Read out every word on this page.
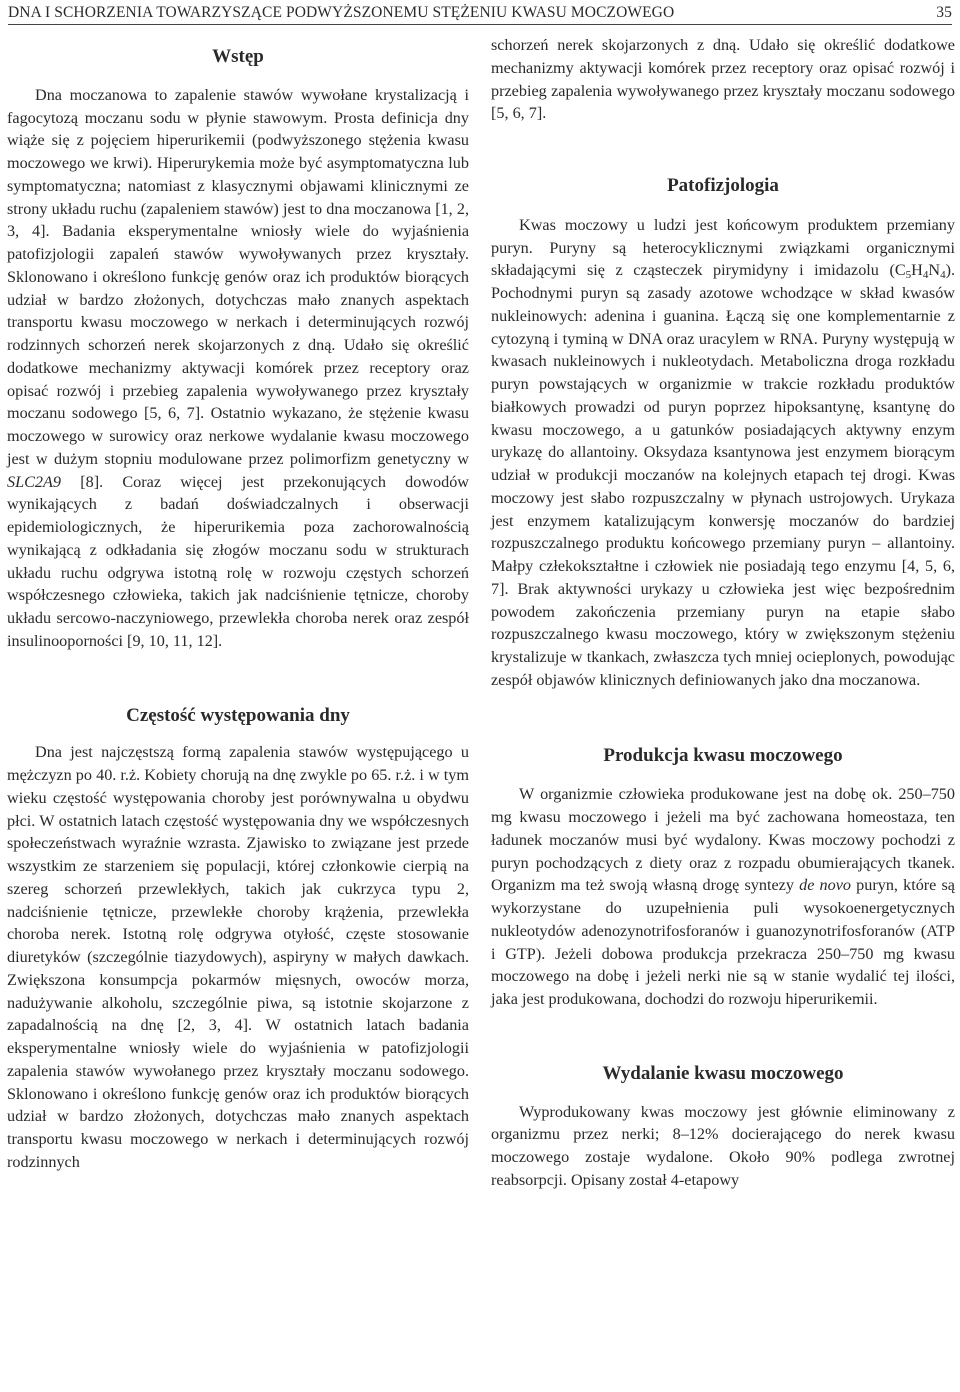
DNA I SCHORZENIA TOWARZYSZĄCE PODWYŻSZONEMU STĘŻENIU KWASU MOCZOWEGO	35
Wstęp

Dna moczanowa to zapalenie stawów wywołane krystalizacją i fagocytozą moczanu sodu w płynie stawowym. Prosta definicja dny wiąże się z pojęciem hiperurikemii (podwyższonego stężenia kwasu moczowego we krwi). Hiperurykemia może być asymptomatyczna lub symptomatyczna; natomiast z klasycznymi objawami klinicznymi ze strony układu ruchu (zapaleniem stawów) jest to dna moczanowa [1, 2, 3, 4]. Badania eksperymentalne wniosły wiele do wyjaśnienia patofizjologii zapaleń stawów wywoływanych przez kryształy. Sklonowano i określono funkcję genów oraz ich produktów biorących udział w bardzo złożonych, dotychczas mało znanych aspektach transportu kwasu moczowego w nerkach i determinujących rozwój rodzinnych schorzeń nerek skojarzonych z dną. Udało się określić dodatkowe mechanizmy aktywacji komórek przez receptory oraz opisać rozwój i przebieg zapalenia wywoływanego przez kryształy moczanu sodowego [5, 6, 7]. Ostatnio wykazano, że stężenie kwasu moczowego w surowicy oraz nerkowe wydalanie kwasu moczowego jest w dużym stopniu modulowane przez polimorfizm genetyczny w SLC2A9 [8]. Coraz więcej jest przekonujących dowodów wynikających z badań doświadczalnych i obserwacji epidemiologicznych, że hiperurikemia poza zachorowalnością wynikającą z odkładania się złogów moczanu sodu w strukturach układu ruchu odgrywa istotną rolę w rozwoju częstych schorzeń współczesnego człowieka, takich jak nadciśnienie tętnicze, choroby układu sercowo-naczyniowego, przewlekła choroba nerek oraz zespół insulinooporności [9, 10, 11, 12].

Częstość występowania dny

Dna jest najczęstszą formą zapalenia stawów występującego u mężczyzn po 40. r.ż. Kobiety chorują na dnę zwykle po 65. r.ż. i w tym wieku częstość występowania choroby jest porównywalna u obydwu płci. W ostatnich latach częstość występowania dny we współczesnych społeczeństwach wyraźnie wzrasta. Zjawisko to związane jest przede wszystkim ze starzeniem się populacji, której członkowie cierpią na szereg schorzeń przewlekłych, takich jak cukrzyca typu 2, nadciśnienie tętnicze, przewlekłe choroby krążenia, przewlekła choroba nerek. Istotną rolę odgrywa otyłość, częste stosowanie diuretyków (szczególnie tiazydowych), aspiryny w małych dawkach. Zwiększona konsumpcja pokarmów mięsnych, owoców morza, nadużywanie alkoholu, szczególnie piwa, są istotnie skojarzone z zapadalnością na dnę [2, 3, 4]. W ostatnich latach badania eksperymentalne wniosły wiele do wyjaśnienia w patofizjologii zapalenia stawów wywołanego przez kryształy moczanu sodowego. Sklonowano i określono funkcję genów oraz ich produktów biorących udział w bardzo złożonych, dotychczas mało znanych aspektach transportu kwasu moczowego w nerkach i determinujących rozwój rodzinnych

schorzeń nerek skojarzonych z dną. Udało się określić dodatkowe mechanizmy aktywacji komórek przez receptory oraz opisać rozwój i przebieg zapalenia wywoływanego przez kryształy moczanu sodowego [5, 6, 7].

Patofizjologia

Kwas moczowy u ludzi jest końcowym produktem przemiany puryn. Puryny są heterocyklicznymi związkami organicznymi składającymi się z cząsteczek pirymidyny i imidazolu $(C_5H_4N_4)$. Pochodnymi puryn są zasady azotowe wchodzące w skład kwasów nukleinowych: adenina i guanina. Łączą się one komplementarnie z cytozyną i tyminą w DNA oraz uracylem w RNA. Puryny występują w kwasach nukleinowych i nukleotydach. Metaboliczna droga rozkładu puryn powstających w organizmie w trakcie rozkładu produktów białkowych prowadzi od puryn poprzez hipoksantynę, ksantynę do kwasu moczowego, a u gatunków posiadających aktywny enzym urykazę do allantoiny. Oksydaza ksantynowa jest enzymem biorącym udział w produkcji moczanów na kolejnych etapach tej drogi. Kwas moczowy jest słabo rozpuszczalny w płynach ustrojowych. Urykaza jest enzymem katalizującym konwersję moczanów do bardziej rozpuszczalnego produktu końcowego przemiany puryn – allantoiny. Małpy człekokształtne i człowiek nie posiadają tego enzymu [4, 5, 6, 7]. Brak aktywności urykazy u człowieka jest więc bezpośrednim powodem zakończenia przemiany puryn na etapie słabo rozpuszczalnego kwasu moczowego, który w zwiększonym stężeniu krystalizuje w tkankach, zwłaszcza tych mniej ocieplonych, powodując zespół objawów klinicznych definiowanych jako dna moczanowa.

Produkcja kwasu moczowego

W organizmie człowieka produkowane jest na dobę ok. 250–750 mg kwasu moczowego i jeżeli ma być zachowana homeostaza, ten ładunek moczanów musi być wydalony. Kwas moczowy pochodzi z puryn pochodzących z diety oraz z rozpadu obumierających tkanek. Organizm ma też swoją własną drogę syntezy de novo puryn, które są wykorzystane do uzupełnienia puli wysokoenergetycznych nukleotydów adenozynotrifosforanów i guanozynotrifosforanów (ATP i GTP). Jeżeli dobowa produkcja przekracza 250–750 mg kwasu moczowego na dobę i jeżeli nerki nie są w stanie wydalić tej ilości, jaka jest produkowana, dochodzi do rozwoju hiperurikemii.

Wydalanie kwasu moczowego

Wyprodukowany kwas moczowy jest głównie eliminowany z organizmu przez nerki; 8–12% docierającego do nerek kwasu moczowego zostaje wydalone. Około 90% podlega zwrotnej reabsorpcji. Opisany został 4-etapowy
